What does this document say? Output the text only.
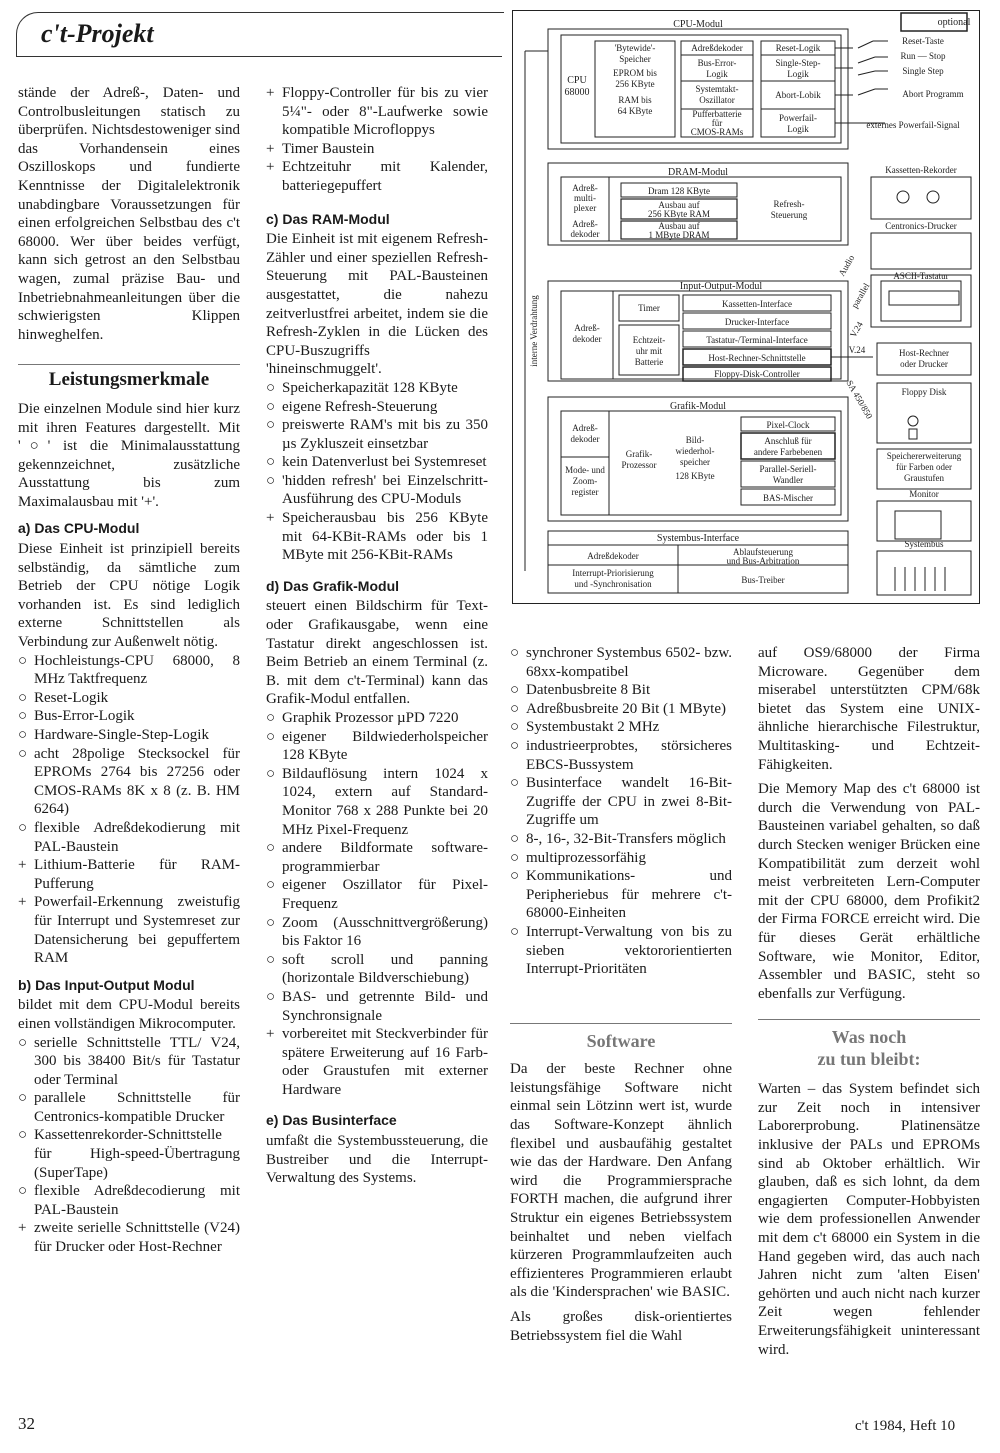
c't-Projekt

stände der Adreß-, Daten- und Controlbusleitungen statisch zu überprüfen. Nichtsdestoweniger sind das Vorhandensein eines Oszilloskops und fundierte Kenntnisse der Digitalelektronik unabdingbare Voraussetzungen für einen erfolgreichen Selbstbau des c't 68000. Wer über beides verfügt, kann sich getrost an den Selbstbau wagen, zumal präzise Bau- und Inbetriebnahmeanleitungen über die schwierigsten Klippen hinweghelfen.

Leistungsmerkmale

Die einzelnen Module sind hier kurz mit ihren Features dargestellt. Mit '○' ist die Minimalausstattung gekennzeichnet, zusätzliche Ausstattung bis zum Maximalausbau mit '+'.

a) Das CPU-Modul

Diese Einheit ist prinzipiell bereits selbständig, da sämtliche zum Betrieb der CPU nötige Logik vorhanden ist. Es sind lediglich externe Schnittstellen als Verbindung zur Außenwelt nötig.

○ Hochleistungs-CPU 68000, 8 MHz Taktfrequenz
○ Reset-Logik
○ Bus-Error-Logik
○ Hardware-Single-Step-Logik
○ acht 28polige Stecksockel für EPROMs 2764 bis 27256 oder CMOS-RAMs 8K x 8 (z. B. HM 6264)
○ flexible Adreßdekodierung mit PAL-Baustein
+ Lithium-Batterie für RAM-Pufferung
+ Powerfail-Erkennung zweistufig für Interrupt und Systemreset zur Datensicherung bei gepuffertem RAM
b) Das Input-Output Modul

bildet mit dem CPU-Modul bereits einen vollständigen Mikrocomputer.

○ serielle Schnittstelle TTL/ V24, 300 bis 38400 Bit/s für Tastatur oder Terminal
○ parallele Schnittstelle für Centronics-kompatible Drucker
○ Kassettenrekorder-Schnittstelle für High-speed-Übertragung (SuperTape)
○ flexible Adreßdecodierung mit PAL-Baustein
+ zweite serielle Schnittstelle (V24) für Drucker oder Host-Rechner
32
+ Floppy-Controller für bis zu vier 5¼"- oder 8"-Laufwerke sowie kompatible Microfloppys
+ Timer Baustein
+ Echtzeituhr mit Kalender, batteriegepuffert
c) Das RAM-Modul

Die Einheit ist mit eigenem Refresh-Zähler und einer speziellen Refresh-Steuerung mit PAL-Bausteinen ausgestattet, die nahezu zeitverlustfrei arbeitet, indem sie die Refresh-Zyklen in die Lücken des CPU-Buszugriffs 'hineinschmuggelt'.

○ Speicherkapazität 128 KByte
○ eigene Refresh-Steuerung
○ preiswerte RAM's mit bis zu 350 µs Zykluszeit einsetzbar
○ kein Datenverlust bei Systemreset
○ 'hidden refresh' bei Einzelschritt-Ausführung des CPU-Moduls
+ Speicherausbau bis 256 KByte mit 64-KBit-RAMs oder bis 1 MByte mit 256-KBit-RAMs
d) Das Grafik-Modul

steuert einen Bildschirm für Text- oder Grafikausgabe, wenn eine Tastatur direkt angeschlossen ist. Beim Betrieb an einem Terminal (z. B. mit dem c't-Terminal) kann das Grafik-Modul entfallen.

○ Graphik Prozessor µPD 7220
○ eigener Bildwiederholspeicher 128 KByte
○ Bildauflösung intern 1024 x 1024, extern auf Standard-Monitor 768 x 288 Punkte bei 20 MHz Pixel-Frequenz
○ andere Bildformate software-programmierbar
○ eigener Oszillator für Pixel-Frequenz
○ Zoom (Ausschnittvergrößerung) bis Faktor 16
○ soft scroll und panning (horizontale Bildverschiebung)
○ BAS- und getrennte Bild- und Synchronsignale
+ vorbereitet mit Steckverbinder für spätere Erweiterung auf 16 Farb- oder Graustufen mit externer Hardware
e) Das Businterface

umfaßt die Systembussteuerung, die Bustreiber und die Interrupt-Verwaltung des Systems.

○ synchroner Systembus 6502- bzw. 68xx-kompatibel
○ Datenbusbreite 8 Bit
○ Adreßbusbreite 20 Bit (1 MByte)
○ Systembustakt 2 MHz
○ industrieerprobtes, störsicheres EBCS-Bussystem
○ Businterface wandelt 16-Bit-Zugriffe der CPU in zwei 8-Bit-Zugriffe um
○ 8-, 16-, 32-Bit-Transfers möglich
○ multiprozessorfähig
○ Kommunikations- und Peripheriebus für mehrere c't-68000-Einheiten
○ Interrupt-Verwaltung von bis zu sieben vektororientierten Interrupt-Prioritäten
Software

Da der beste Rechner ohne leistungsfähige Software nicht einmal sein Lötzinn wert ist, wurde das Software-Konzept ähnlich flexibel und ausbaufähig gestaltet wie das der Hardware. Den Anfang wird die Programmiersprache FORTH machen, die aufgrund ihrer Struktur ein eigenes Betriebssystem beinhaltet und neben vielfach kürzeren Programmlaufzeiten auch effizienteres Programmieren erlaubt als die 'Kindersprachen' wie BASIC.

Als großes disk-orientiertes Betriebssystem fiel die Wahl

auf OS9/68000 der Firma Microware. Gegenüber dem miserabel unterstützten CPM/68k bietet das System eine UNIX-ähnliche hierarchische Filestruktur, Multitasking- und Echtzeit-Fähigkeiten.

Die Memory Map des c't 68000 ist durch die Verwendung von PAL-Bausteinen variabel gehalten, so daß durch Stecken weniger Brücken eine Kompatibilität zum derzeit wohl meist verbreiteten Lern-Computer mit der CPU 68000, dem Profikit2 der Firma FORCE erreicht wird. Die für dieses Gerät erhältliche Software, wie Monitor, Editor, Assembler und BASIC, steht so ebenfalls zur Verfügung.

Was noch
zu tun bleibt:

Warten – das System befindet sich zur Zeit noch in intensiver Laborerprobung. Platinensätze inklusive der PALs und EPROMs sind ab Oktober erhältlich. Wir glauben, daß es sich lohnt, da dem engagierten Computer-Hobbyisten wie dem professionellen Anwender mit dem c't 68000 ein System in die Hand gegeben wird, das auch nach Jahren nicht zum 'alten Eisen' gehörten und auch nicht nach kurzer Zeit wegen fehlender Erweiterungsfähigkeit uninteressant wird.

c't 1984, Heft 10
optional
CPU-Modul
CPU
68000
'Bytewide'-
Speicher
EPROM bis
256 KByte
RAM bis
64 KByte
Adreßdekoder
Bus-Error-
Logik
Systemtakt-
Oszillator
Pufferbatterie
für
CMOS-RAMs
Reset-Logik
Single-Step-
Logik
Abort-Lobik
Powerfail-
Logik
Reset-Taste
Run — Stop
Single Step
Abort Programm
externes Powerfail-Signal
DRAM-Modul
Adreß-
multi-
plexer
Adreß-
dekoder
Dram 128 KByte
Ausbau auf
256 KByte RAM
Ausbau auf
1 MByte DRAM
Refresh-
Steuerung
Kassetten-Rekorder
Centronics-Drucker
ASCII-Tastatur
Audio
parallel
interne Verdrahtung
Input-Output-Modul
Timer	Kassetten-Interface
Drucker-Interface
Tastatur-/Terminal-Interface
Host-Rechner-Schnittstelle
Floppy-Disk-Controller
Echtzeit-
uhr mit
Batterie
Adreß-
dekoder	V.24
V.24
SA 450/850
Host-Rechner
oder Drucker
Floppy Disk
Grafik-Modul
Adreß-
dekoder
Grafik-
Prozessor
Bild-
wiederhol-
speicher
128 KByte
Pixel-Clock
Anschluß für
andere Farbebenen
Parallel-Seriell-
Wandler
BAS-Mischer
Mode- und
Zoom-
register
Speichererweiterung
für Farben oder
Graustufen
Monitor
Systembus-Interface
Adreßdekoder	Ablaufsteuerung
und Bus-Arbitration
Interrupt-Priorisierung
und -Synchronisation	Bus-Treiber
Systembus
